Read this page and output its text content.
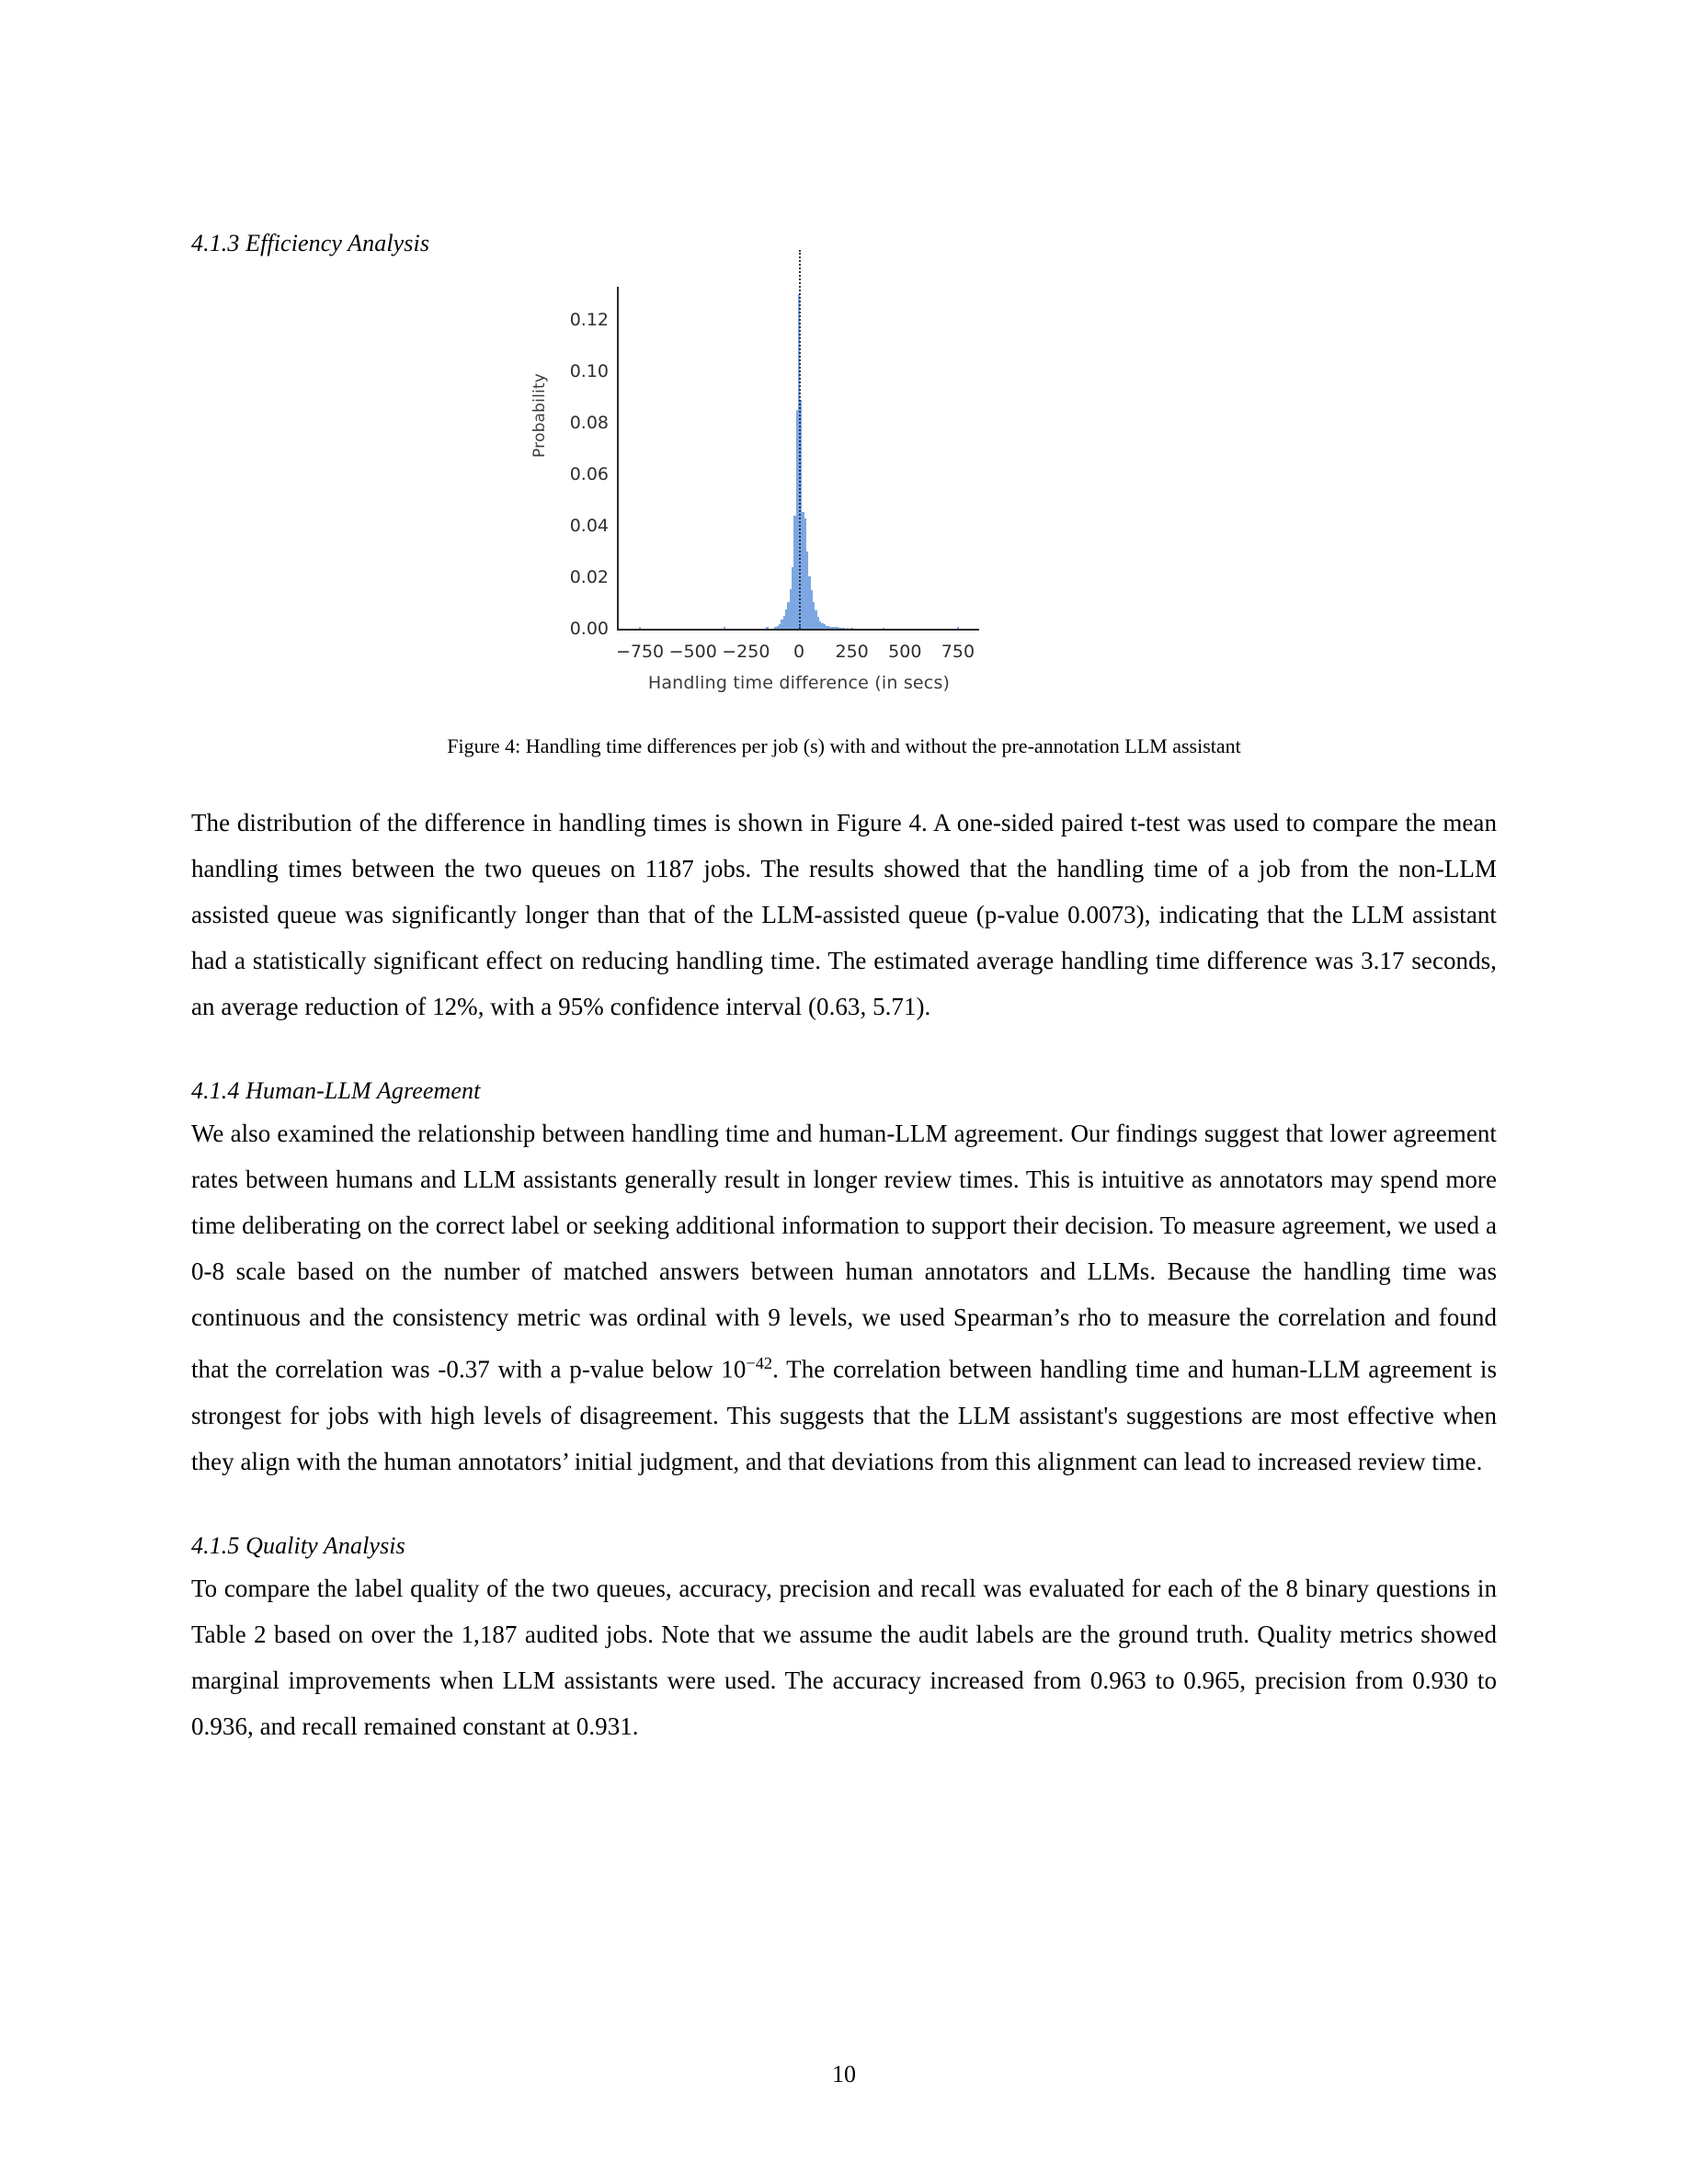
4.1.3 Efficiency Analysis
Probability
0.00
0.02
0.04
0.06
0.08
0.10
0.12
−750 −500 −250 0 250 500 750
Handling time difference (in secs)
Figure 4: Handling time differences per job (s) with and without the pre-annotation LLM assistant

The distribution of the difference in handling times is shown in Figure 4. A one-sided paired t-test was used to compare the mean handling times between the two queues on 1187 jobs. The results showed that the handling time of a job from the non-LLM assisted queue was significantly longer than that of the LLM-assisted queue (p-value 0.0073), indicating that the LLM assistant had a statistically significant effect on reducing handling time. The estimated average handling time difference was 3.17 seconds, an average reduction of 12%, with a 95% confidence interval (0.63, 5.71).

4.1.4 Human-LLM Agreement

We also examined the relationship between handling time and human-LLM agreement. Our findings suggest that lower agreement rates between humans and LLM assistants generally result in longer review times. This is intuitive as annotators may spend more time deliberating on the correct label or seeking additional information to support their decision. To measure agreement, we used a 0-8 scale based on the number of matched answers between human annotators and LLMs. Because the handling time was continuous and the consistency metric was ordinal with 9 levels, we used Spearman’s rho to measure the correlation and found that the correlation was -0.37 with a p-value below $10^{-42}$. The correlation between handling time and human-LLM agreement is strongest for jobs with high levels of disagreement. This suggests that the LLM assistant's suggestions are most effective when they align with the human annotators’ initial judgment, and that deviations from this alignment can lead to increased review time.

4.1.5 Quality Analysis

To compare the label quality of the two queues, accuracy, precision and recall was evaluated for each of the 8 binary questions in Table 2 based on over the 1,187 audited jobs. Note that we assume the audit labels are the ground truth. Quality metrics showed marginal improvements when LLM assistants were used. The accuracy increased from 0.963 to 0.965, precision from 0.930 to 0.936, and recall remained constant at 0.931.

10
